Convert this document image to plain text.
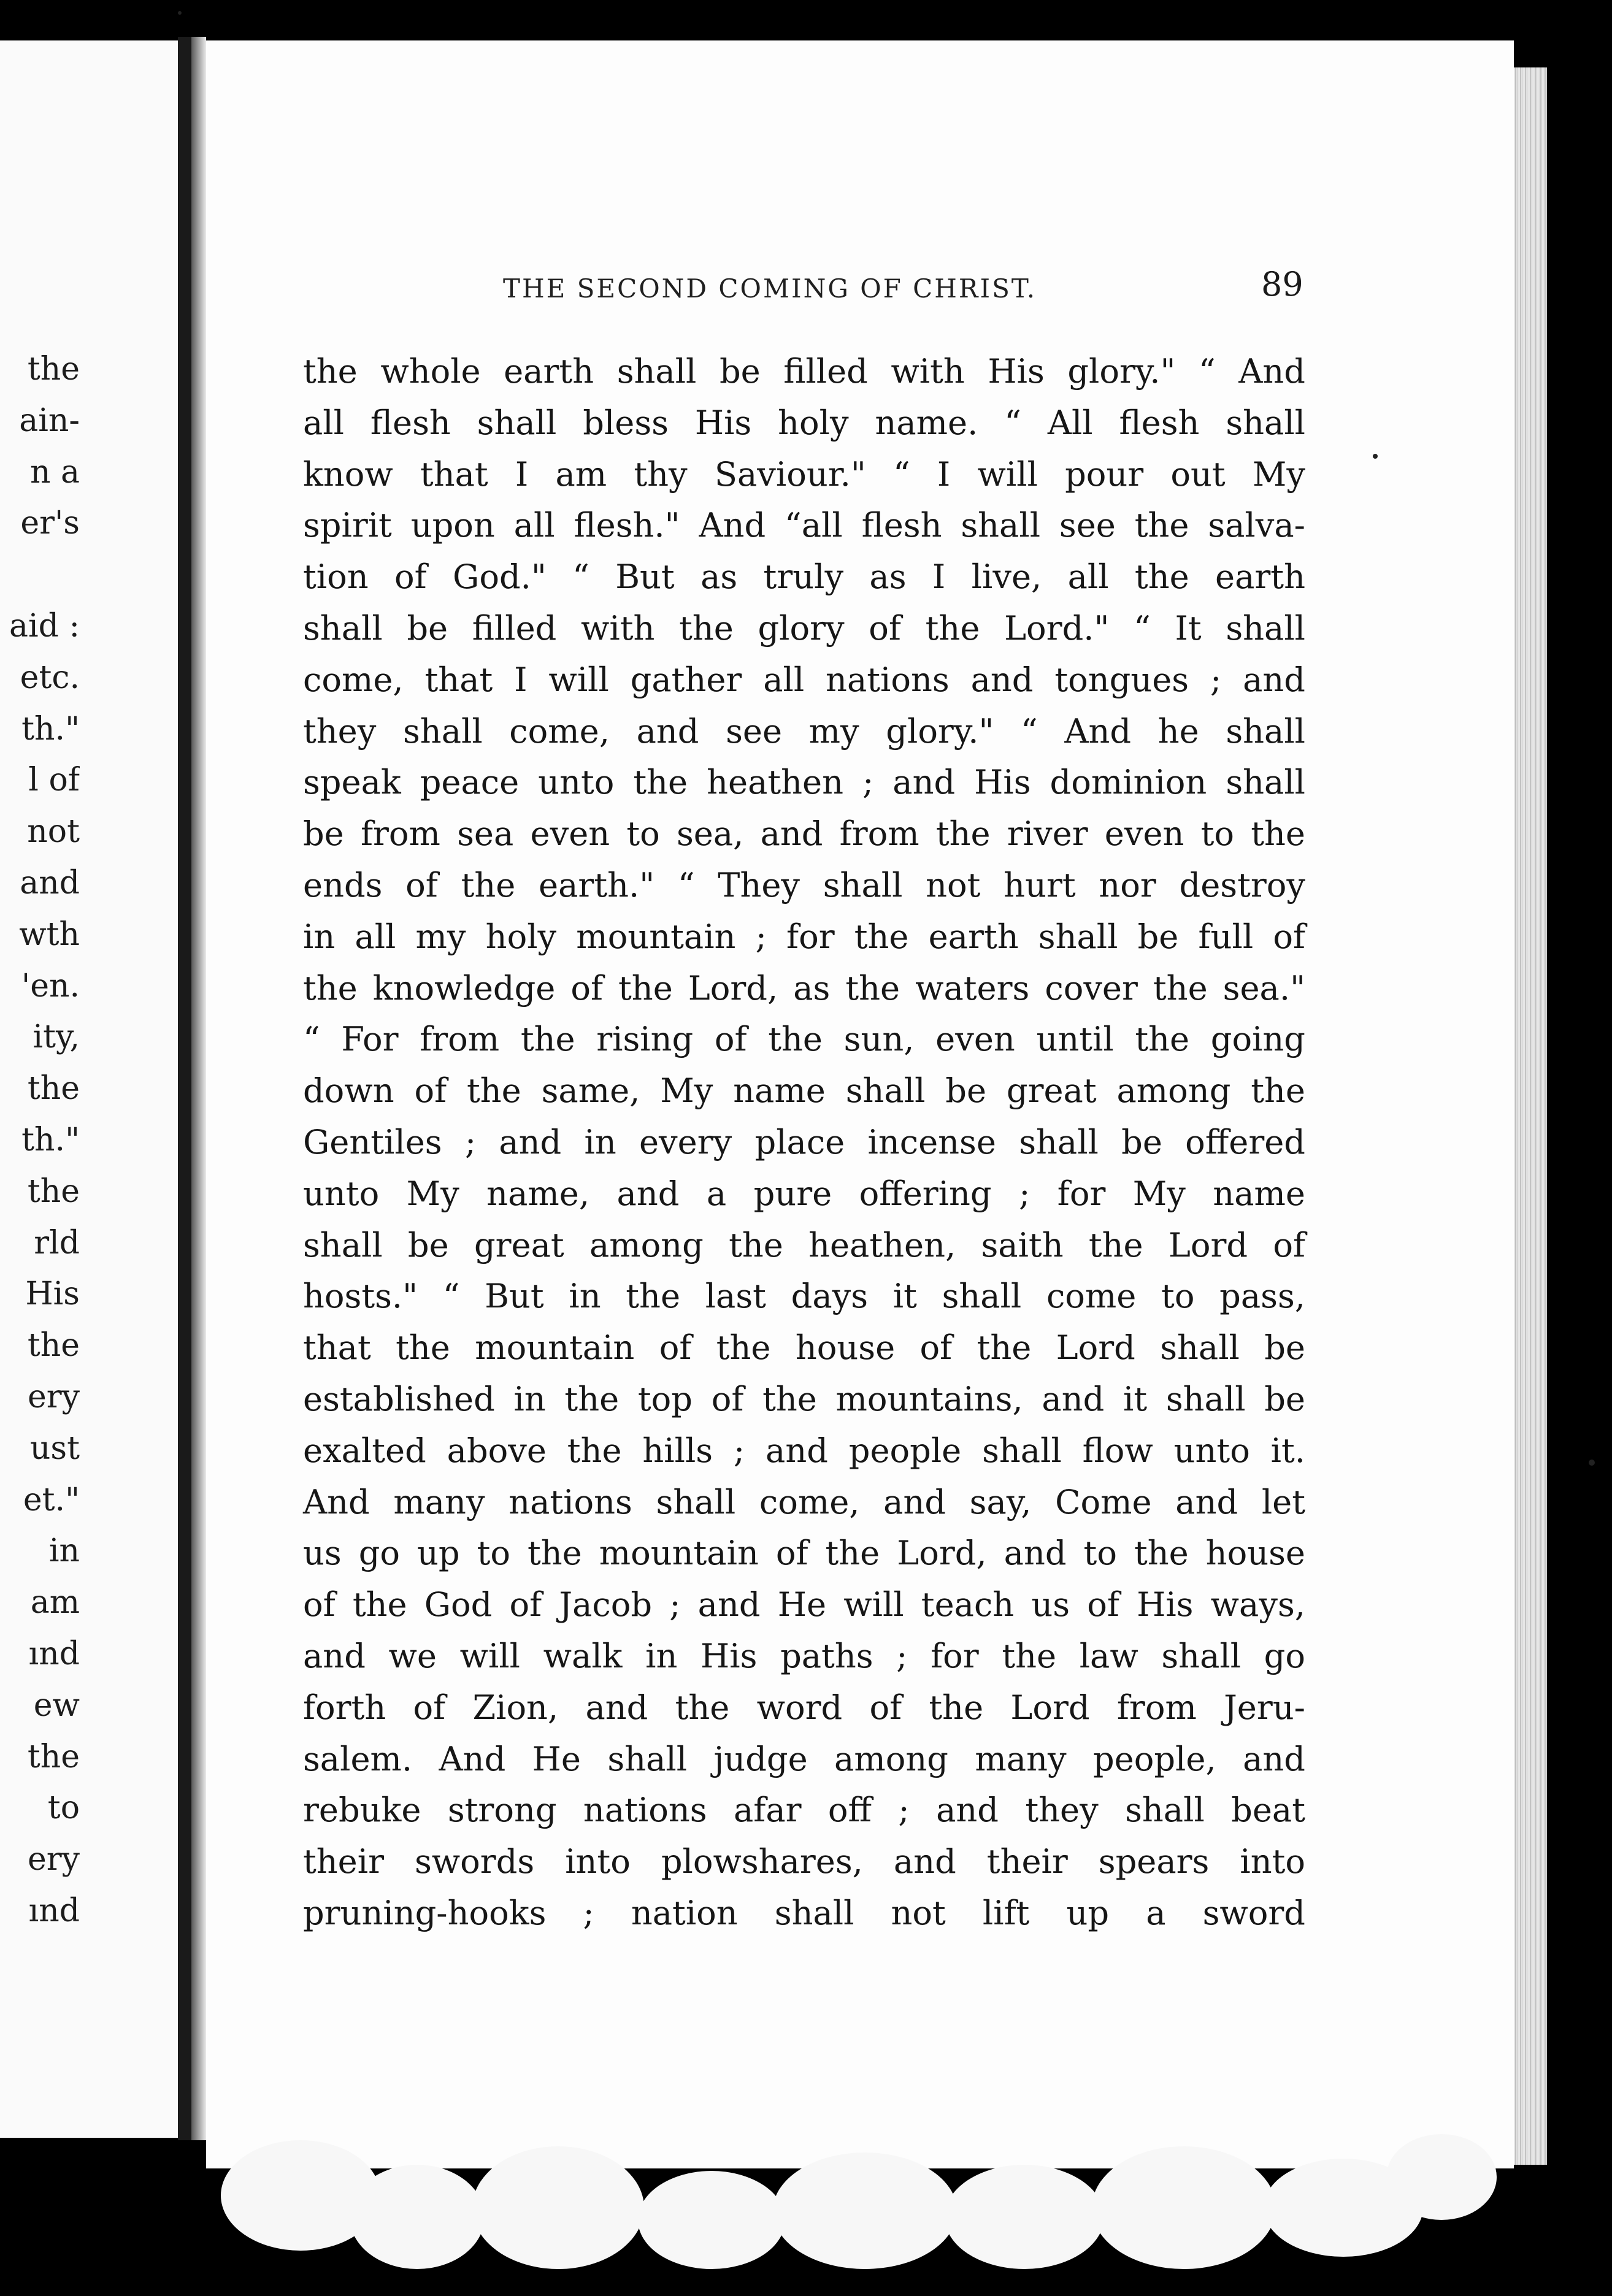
the
ain-
n a
er's
aid :
etc.
th."
l of
not
and
wth
'en.
ity,
the
th."
the
rld
His
the
ery
ust
et."
in
am
ınd
ew
the
to
ery
ınd
THE SECOND COMING OF CHRIST.	89
the whole earth shall be filled with His glory." “ And
all flesh shall bless His holy name. “ All flesh shall
know that I am thy Saviour." “ I will pour out My
spirit upon all flesh." And “all flesh shall see the salva-
tion of God." “ But as truly as I live, all the earth
shall be filled with the glory of the Lord." “ It shall
come, that I will gather all nations and tongues ; and
they shall come, and see my glory." “ And he shall
speak peace unto the heathen ; and His dominion shall
be from sea even to sea, and from the river even to the
ends of the earth." “ They shall not hurt nor destroy
in all my holy mountain ; for the earth shall be full of
the knowledge of the Lord, as the waters cover the sea."
“ For from the rising of the sun, even until the going
down of the same, My name shall be great among the
Gentiles ; and in every place incense shall be offered
unto My name, and a pure offering ; for My name
shall be great among the heathen, saith the Lord of
hosts." “ But in the last days it shall come to pass,
that the mountain of the house of the Lord shall be
established in the top of the mountains, and it shall be
exalted above the hills ; and people shall flow unto it.
And many nations shall come, and say, Come and let
us go up to the mountain of the Lord, and to the house
of the God of Jacob ; and He will teach us of His ways,
and we will walk in His paths ; for the law shall go
forth of Zion, and the word of the Lord from Jeru-
salem. And He shall judge among many people, and
rebuke strong nations afar off ; and they shall beat
their swords into plowshares, and their spears into
pruning-hooks ; nation shall not lift up a sword
